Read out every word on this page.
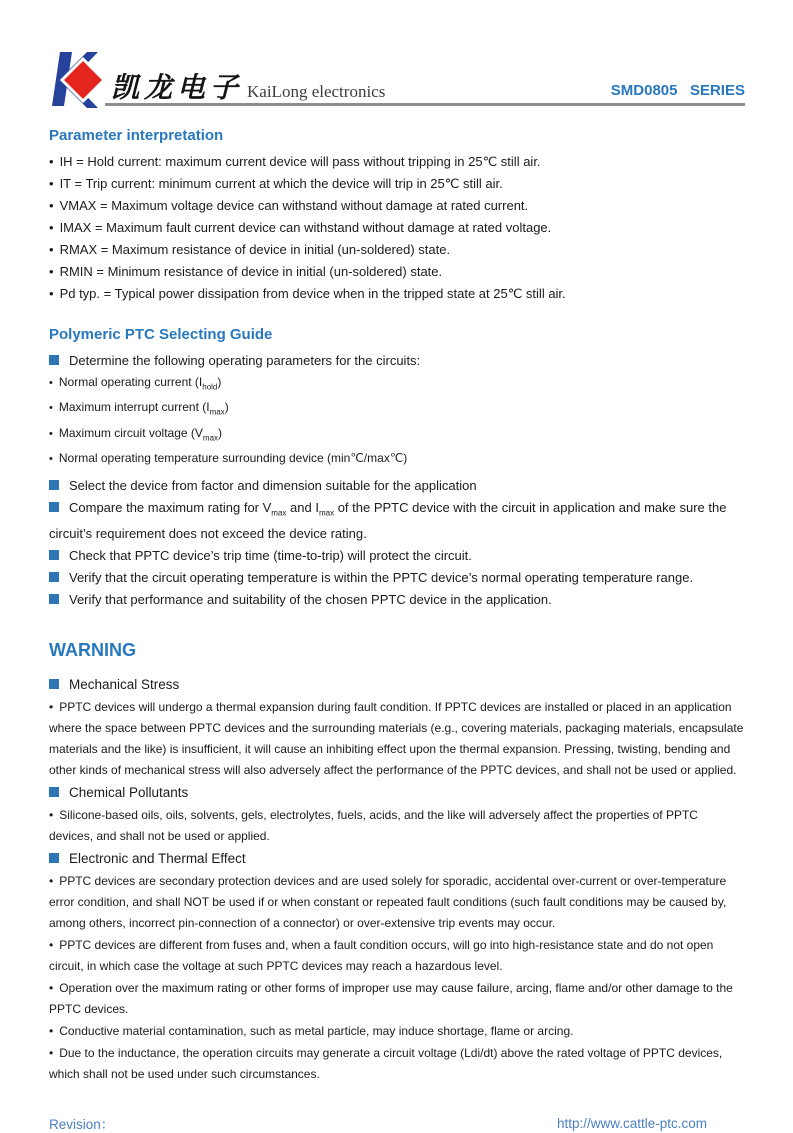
凯龙电子 KaiLong electronics	SMD0805   SERIES
Parameter interpretation
• IH = Hold current: maximum current device will pass without tripping in 25℃ still air.
• IT = Trip current: minimum current at which the device will trip in 25℃ still air.
• VMAX = Maximum voltage device can withstand without damage at rated current.
• IMAX = Maximum fault current device can withstand without damage at rated voltage.
• RMAX = Maximum resistance of device in initial (un-soldered) state.
• RMIN = Minimum resistance of device in initial (un-soldered) state.
• Pd typ. = Typical power dissipation from device when in the tripped state at 25℃ still air.
Polymeric PTC Selecting Guide
Determine the following operating parameters for the circuits:
• Normal operating current $(I_{hold})$
• Maximum interrupt current $(I_{max})$
• Maximum circuit voltage $(V_{max})$
• Normal operating temperature surrounding device (min℃/max℃)
Select the device from factor and dimension suitable for the application
Compare the maximum rating for $V_{max}$ and $I_{max}$ of the PPTC device with the circuit in application and make sure the circuit’s requirement does not exceed the device rating.
Check that PPTC device’s trip time (time-to-trip) will protect the circuit.
Verify that the circuit operating temperature is within the PPTC device’s normal operating temperature range.
Verify that performance and suitability of the chosen PPTC device in the application.
WARNING
Mechanical Stress
• PPTC devices will undergo a thermal expansion during fault condition. If PPTC devices are installed or placed in an application where the space between PPTC devices and the surrounding materials (e.g., covering materials, packaging materials, encapsulate materials and the like) is insufficient, it will cause an inhibiting effect upon the thermal expansion. Pressing, twisting, bending and other kinds of mechanical stress will also adversely affect the performance of the PPTC devices, and shall not be used or applied.
Chemical Pollutants
• Silicone-based oils, oils, solvents, gels, electrolytes, fuels, acids, and the like will adversely affect the properties of PPTC devices, and shall not be used or applied.
Electronic and Thermal Effect
• PPTC devices are secondary protection devices and are used solely for sporadic, accidental over-current or over-temperature error condition, and shall NOT be used if or when constant or repeated fault conditions (such fault conditions may be caused by, among others, incorrect pin-connection of a connector) or over-extensive trip events may occur.
• PPTC devices are different from fuses and, when a fault condition occurs, will go into high-resistance state and do not open circuit, in which case the voltage at such PPTC devices may reach a hazardous level.
• Operation over the maximum rating or other forms of improper use may cause failure, arcing, flame and/or other damage to the PPTC devices.
• Conductive material contamination, such as metal particle, may induce shortage, flame or arcing.
• Due to the inductance, the operation circuits may generate a circuit voltage (Ldi/dt) above the rated voltage of PPTC devices, which shall not be used under such circumstances.
Revision：	http://www.cattle-ptc.com
